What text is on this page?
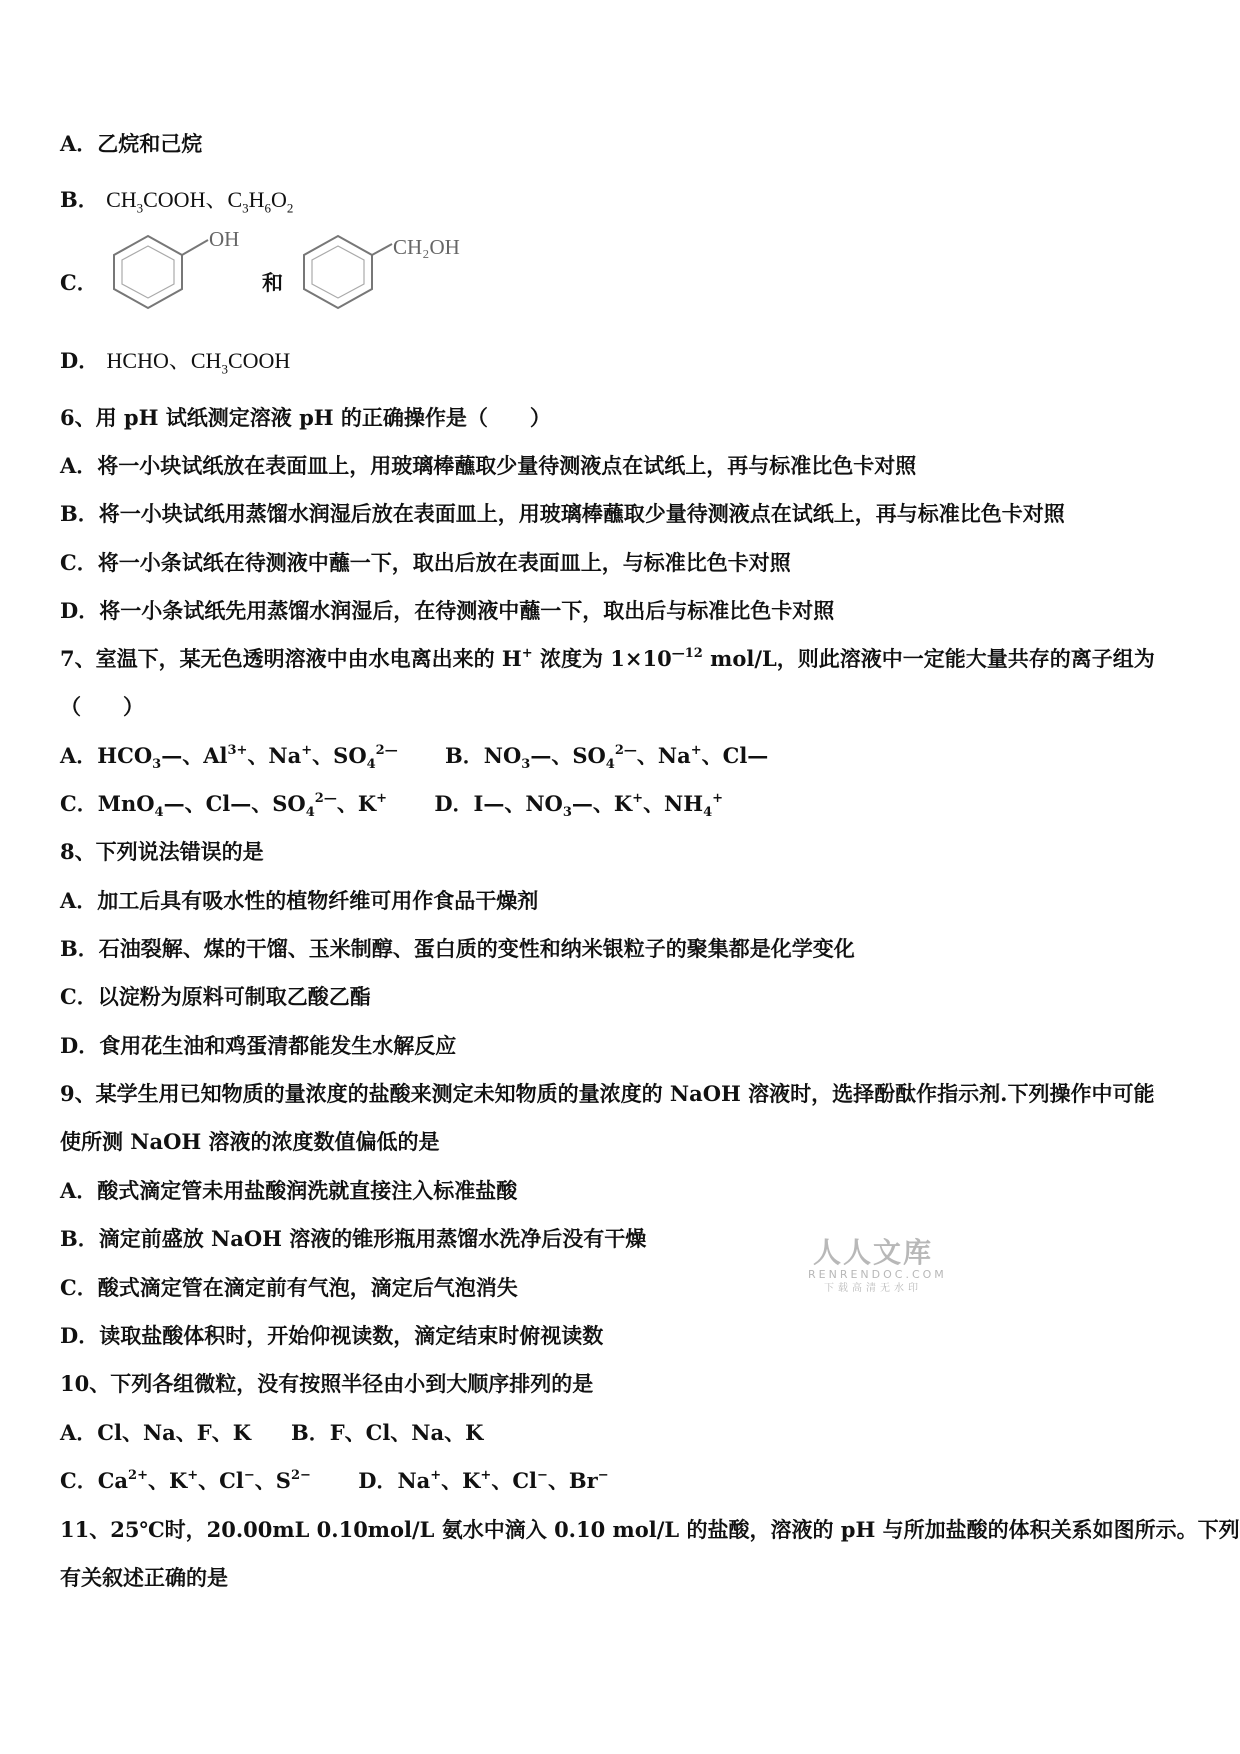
A．乙烷和己烷
B． $CH_3COOH$、$C_3H_6O_2$
C．
OH
和
CH₂OH
D． HCHO、$CH_3COOH$
6、用 pH 试纸测定溶液 pH 的正确操作是（　　）
A．将一小块试纸放在表面皿上，用玻璃棒蘸取少量待测液点在试纸上，再与标准比色卡对照
B．将一小块试纸用蒸馏水润湿后放在表面皿上，用玻璃棒蘸取少量待测液点在试纸上，再与标准比色卡对照
C．将一小条试纸在待测液中蘸一下，取出后放在表面皿上，与标准比色卡对照
D．将一小条试纸先用蒸馏水润湿后，在待测液中蘸一下，取出后与标准比色卡对照
7、室温下，某无色透明溶液中由水电离出来的 H+ 浓度为 $1\times 10^{—12}$ mol/L，则此溶液中一定能大量共存的离子组为
（　　）
A．$HCO_3—$、$Al^{3+}$、Na+、$SO_4^{2—}$ B．$NO_3—$、$SO_4^{2—}$、Na+、Cl—
C．MnO$_4$—、Cl—、$SO_4^{2—}$、K+ D．I—、$NO_3—$、K+、$NH_4^+$
8、下列说法错误的是
A．加工后具有吸水性的植物纤维可用作食品干燥剂
B．石油裂解、煤的干馏、玉米制醇、蛋白质的变性和纳米银粒子的聚集都是化学变化
C．以淀粉为原料可制取乙酸乙酯
D．食用花生油和鸡蛋清都能发生水解反应
9、某学生用已知物质的量浓度的盐酸来测定未知物质的量浓度的 NaOH 溶液时，选择酚酞作指示剂.下列操作中可能
使所测 NaOH 溶液的浓度数值偏低的是
A．酸式滴定管未用盐酸润洗就直接注入标准盐酸
B．滴定前盛放 NaOH 溶液的锥形瓶用蒸馏水洗净后没有干燥
C．酸式滴定管在滴定前有气泡，滴定后气泡消失
D．读取盐酸体积时，开始仰视读数，滴定结束时俯视读数
10、下列各组微粒，没有按照半径由小到大顺序排列的是
A．Cl、Na、F、K B．F、Cl、Na、K
C．$Ca^{2+}$、K+、Cl−、$S^{2-}$ D．Na+、K+、Cl−、Br−
11、25℃时，20.00mL 0.10mol/L 氨水中滴入 0.10 mol/L 的盐酸，溶液的 pH 与所加盐酸的体积关系如图所示。下列
有关叙述正确的是
人人文库
RENRENDOC.COM
下载高清无水印
